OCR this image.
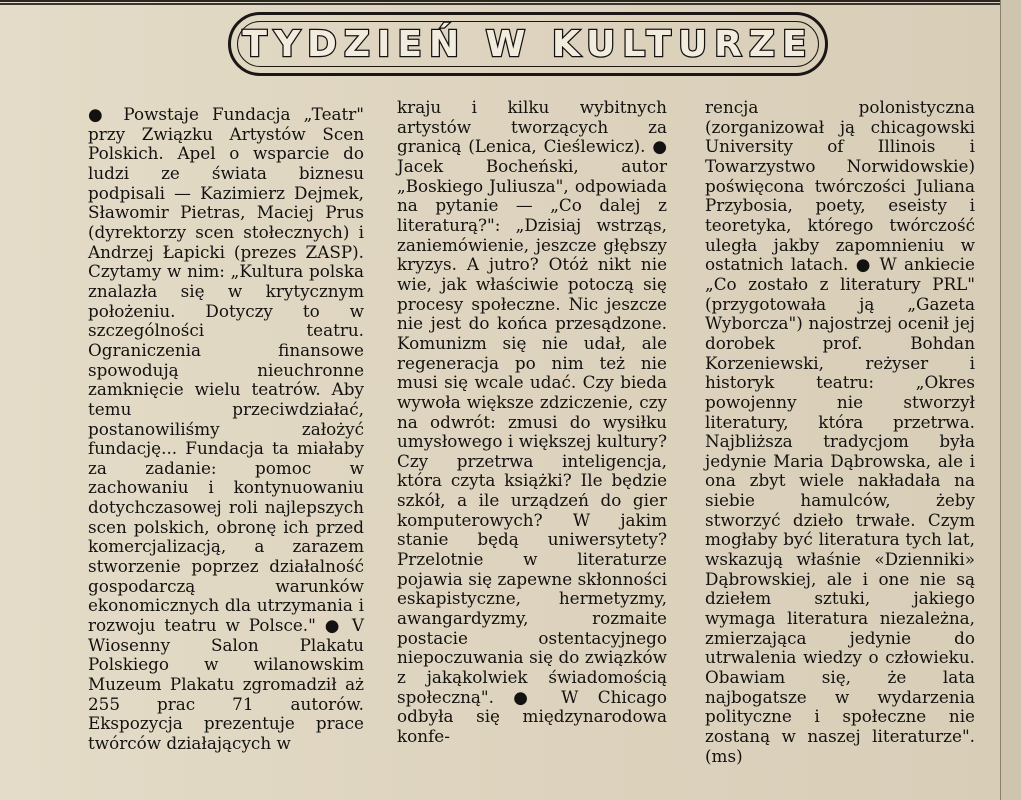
TYDZIEŃ W KULTURZE
● Powstaje Fundacja „Teatr" przy Związku Artystów Scen Polskich. Apel o wsparcie do ludzi ze świata biznesu podpisali — Kazimierz Dejmek, Sławomir Pietras, Maciej Prus (dyrektorzy scen stołecznych) i Andrzej Łapicki (prezes ZASP). Czytamy w nim: „Kultura polska znalazła się w krytycznym położeniu. Dotyczy to w szczególności teatru. Ograniczenia finansowe spowodują nieuchronne zamknięcie wielu teatrów. Aby temu przeciwdziałać, postanowiliśmy założyć fundację... Fundacja ta miałaby za zadanie: pomoc w zachowaniu i kontynuowaniu dotychczasowej roli najlepszych scen polskich, obronę ich przed komercjalizacją, a zarazem stworzenie poprzez działalność gospodarczą warunków ekonomicznych dla utrzymania i rozwoju teatru w Polsce." ● V Wiosenny Salon Plakatu Polskiego w wilanowskim Muzeum Plakatu zgromadził aż 255 prac 71 autorów. Ekspozycja prezentuje prace twórców działających w
kraju i kilku wybitnych artystów tworzących za granicą (Lenica, Cieślewicz). ● Jacek Bocheński, autor „Boskiego Juliusza", odpowiada na pytanie — „Co dalej z literaturą?": „Dzisiaj wstrząs, zaniemówienie, jeszcze głębszy kryzys. A jutro? Otóż nikt nie wie, jak właściwie potoczą się procesy społeczne. Nic jeszcze nie jest do końca przesądzone. Komunizm się nie udał, ale regeneracja po nim też nie musi się wcale udać. Czy bieda wywoła większe zdziczenie, czy na odwrót: zmusi do wysiłku umysłowego i większej kultury? Czy przetrwa inteligencja, która czyta książki? Ile będzie szkół, a ile urządzeń do gier komputerowych? W jakim stanie będą uniwersytety? Przelotnie w literaturze pojawia się zapewne skłonności eskapistyczne, hermetyzmy, awangardyzmy, rozmaite postacie ostentacyjnego niepoczuwania się do związków z jakąkolwiek świadomością społeczną". ● W Chicago odbyła się międzynarodowa konfe-
rencja polonistyczna (zorganizował ją chicagowski University of Illinois i Towarzystwo Norwidowskie) poświęcona twórczości Juliana Przybosia, poety, eseisty i teoretyka, którego twórczość uległa jakby zapomnieniu w ostatnich latach. ● W ankiecie „Co zostało z literatury PRL" (przygotowała ją „Gazeta Wyborcza") najostrzej ocenił jej dorobek prof. Bohdan Korzeniewski, reżyser i historyk teatru: „Okres powojenny nie stworzył literatury, która przetrwa. Najbliższa tradycjom była jedynie Maria Dąbrowska, ale i ona zbyt wiele nakładała na siebie hamulców, żeby stworzyć dzieło trwałe. Czym mogłaby być literatura tych lat, wskazują właśnie «Dzienniki» Dąbrowskiej, ale i one nie są dziełem sztuki, jakiego wymaga literatura niezależna, zmierzająca jedynie do utrwalenia wiedzy o człowieku. Obawiam się, że lata najbogatsze w wydarzenia polityczne i społeczne nie zostaną w naszej literaturze". (ms)
